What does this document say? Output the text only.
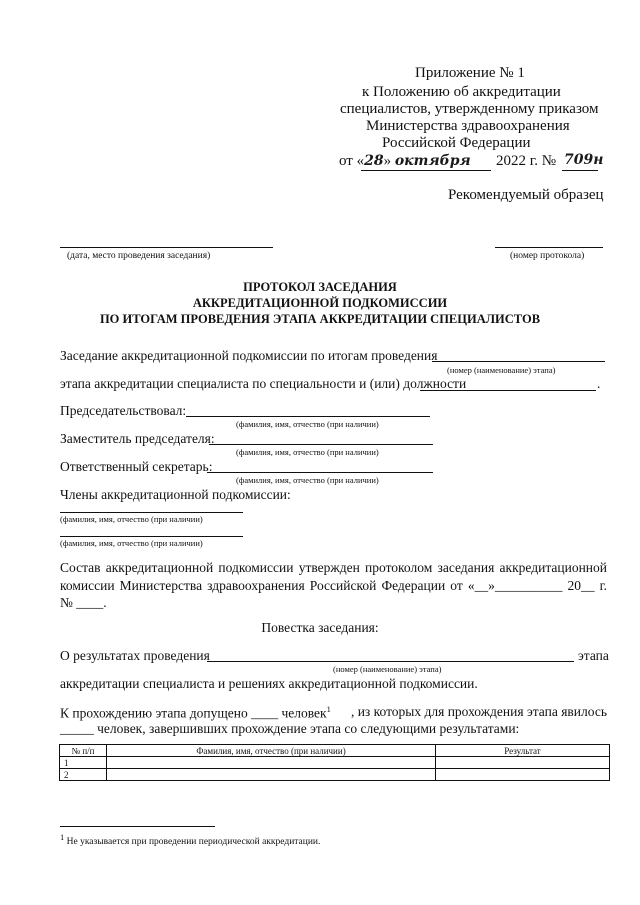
Приложение № 1
к Положению об аккредитации
специалистов, утвержденному приказом
Министерства здравоохранения
Российской Федерации
от «28» октября 2022 г. № 709н
Рекомендуемый образец
(дата, место проведения заседания)	(номер протокола)
ПРОТОКОЛ ЗАСЕДАНИЯ
АККРЕДИТАЦИОННОЙ ПОДКОМИССИИ
ПО ИТОГАМ ПРОВЕДЕНИЯ ЭТАПА АККРЕДИТАЦИИ СПЕЦИАЛИСТОВ
Заседание аккредитационной подкомиссии по итогам проведения
(номер (наименование) этапа)
этапа аккредитации специалиста по специальности и (или) должности	.
Председательствовал:
(фамилия, имя, отчество (при наличии)
Заместитель председателя:
(фамилия, имя, отчество (при наличии)
Ответственный секретарь:
(фамилия, имя, отчество (при наличии)
Члены аккредитационной подкомиссии:
(фамилия, имя, отчество (при наличии)
(фамилия, имя, отчество (при наличии)
Состав аккредитационной подкомиссии утвержден протоколом заседания аккредитационной
комиссии Министерства здравоохранения Российской Федерации от «__»__________ 20__ г.
№ ____.
Повестка заседания:
О результатах проведения	этапа
(номер (наименование) этапа)
аккредитации специалиста и решениях аккредитационной подкомиссии.
К прохождению этапа допущено ____ человек$^1$ , из которых для прохождения этапа явилось
_____ человек, завершивших прохождение этапа со следующими результатами:
№ п/п	Фамилия, имя, отчество (при наличии)	Результат
1		
2		
$^1$ Не указывается при проведении периодической аккредитации.
